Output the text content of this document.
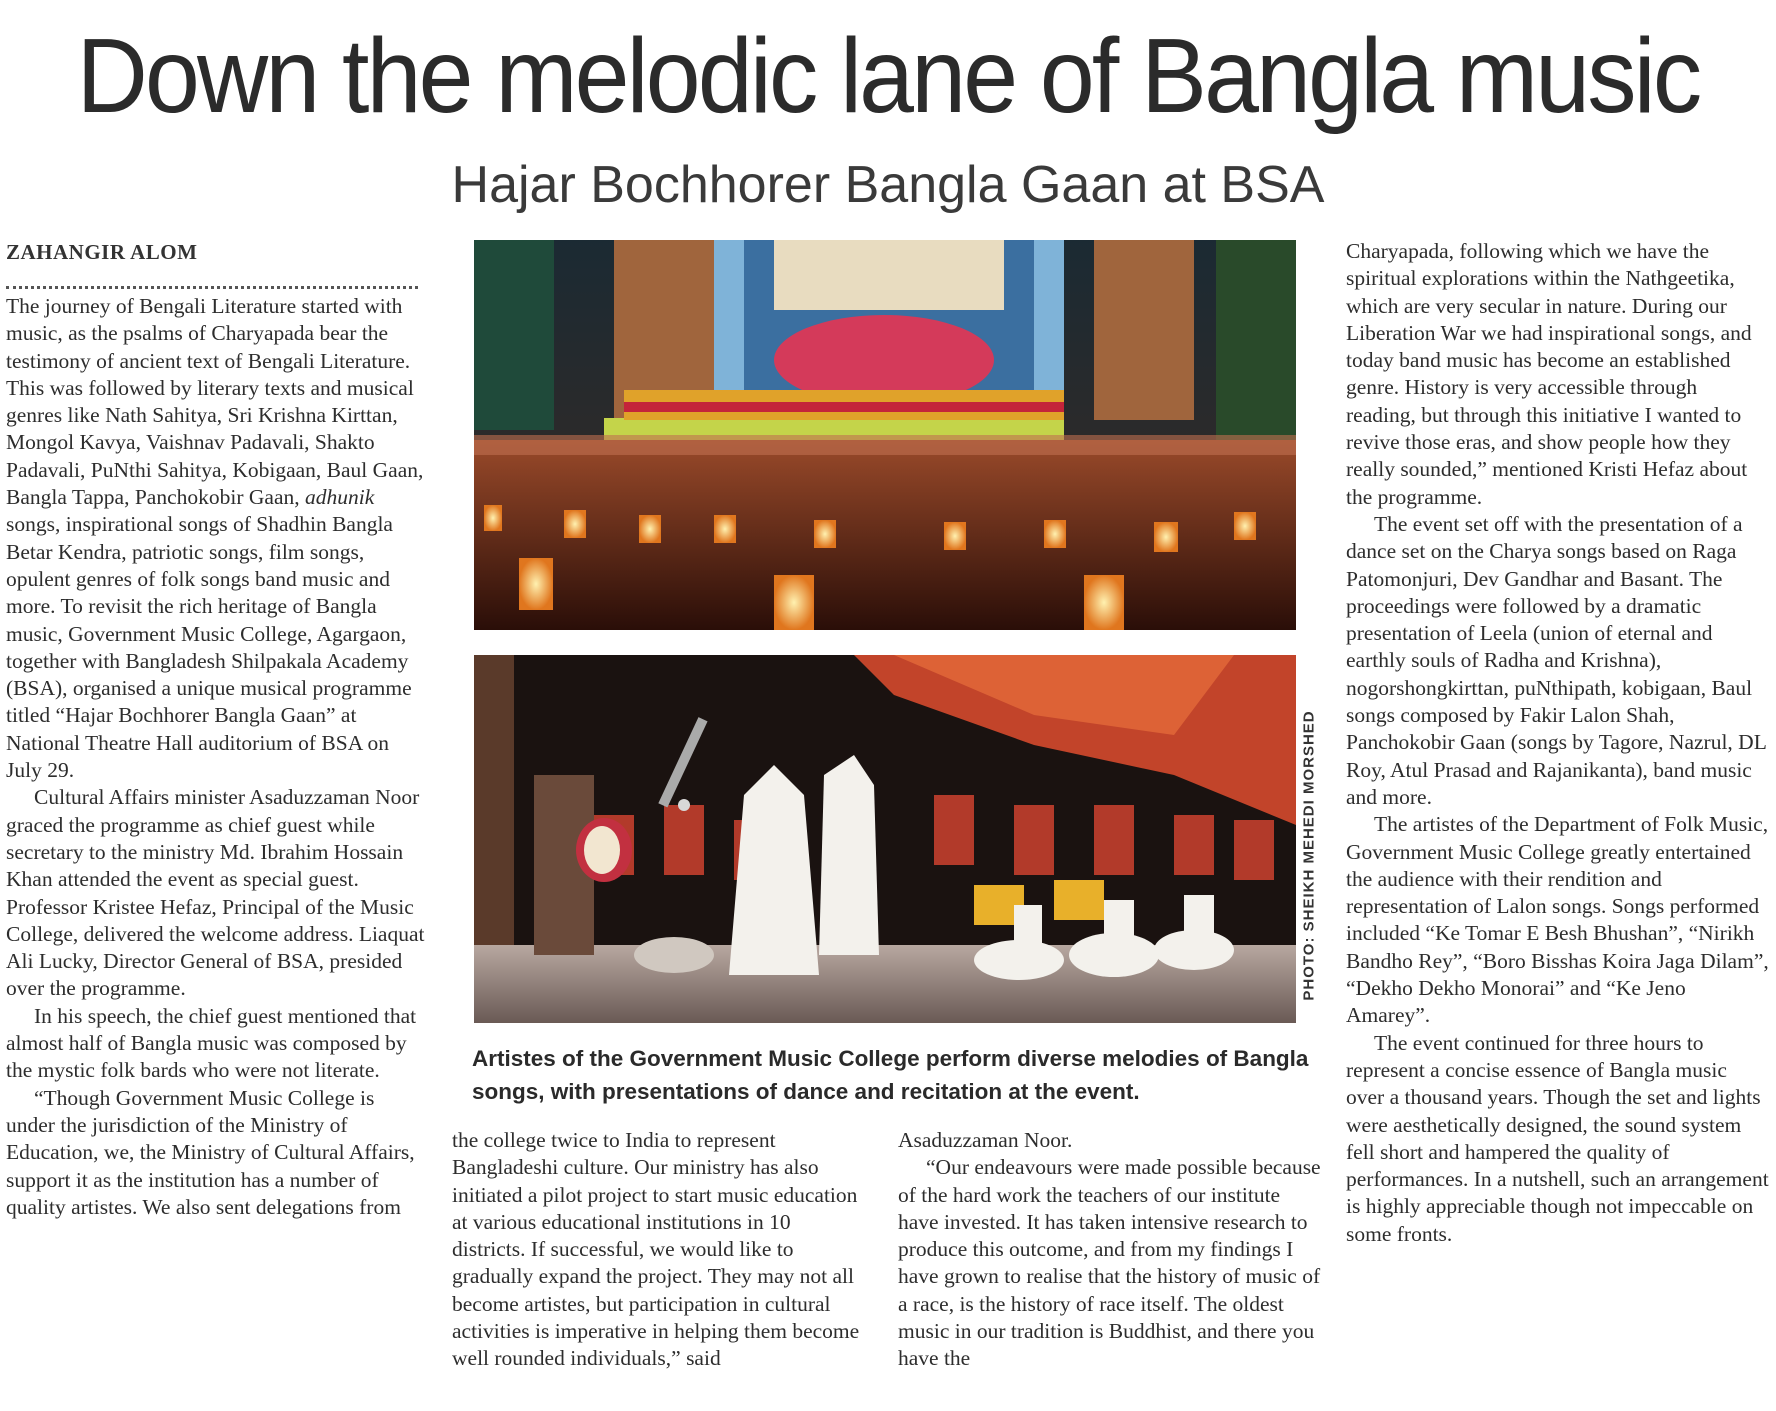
Down the melodic lane of Bangla music
Hajar Bochhorer Bangla Gaan at BSA
ZAHANGIR ALOM

The journey of Bengali Literature started with music, as the psalms of Charyapada bear the testimony of ancient text of Bengali Literature. This was followed by literary texts and musical genres like Nath Sahitya, Sri Krishna Kirttan, Mongol Kavya, Vaishnav Padavali, Shakto Padavali, PuNthi Sahitya, Kobigaan, Baul Gaan, Bangla Tappa, Panchokobir Gaan, adhunik songs, inspirational songs of Shadhin Bangla Betar Kendra, patriotic songs, film songs, opulent genres of folk songs band music and more. To revisit the rich heritage of Bangla music, Government Music College, Agargaon, together with Bangladesh Shilpakala Academy (BSA), organised a unique musical programme titled “Hajar Bochhorer Bangla Gaan” at National Theatre Hall auditorium of BSA on July 29.

Cultural Affairs minister Asaduzzaman Noor graced the programme as chief guest while secretary to the ministry Md. Ibrahim Hossain Khan attended the event as special guest. Professor Kristee Hefaz, Principal of the Music College, delivered the welcome address. Liaquat Ali Lucky, Director General of BSA, presided over the programme.

In his speech, the chief guest mentioned that almost half of Bangla music was composed by the mystic folk bards who were not literate.

“Though Government Music College is under the jurisdiction of the Ministry of Education, we, the Ministry of Cultural Affairs, support it as the institution has a number of quality artistes. We also sent delegations from

PHOTO: SHEIKH MEHEDI MORSHED
Artistes of the Government Music College perform diverse melodies of Bangla songs, with presentations of dance and recitation at the event.

the college twice to India to represent Bangladeshi culture. Our ministry has also initiated a pilot project to start music education at various educational institutions in 10 districts. If successful, we would like to gradually expand the project. They may not all become artistes, but participation in cultural activities is imperative in helping them become well rounded individuals,” said

Asaduzzaman Noor.

“Our endeavours were made possible because of the hard work the teachers of our institute have invested. It has taken intensive research to produce this outcome, and from my findings I have grown to realise that the history of music of a race, is the history of race itself. The oldest music in our tradition is Buddhist, and there you have the

Charyapada, following which we have the spiritual explorations within the Nathgeetika, which are very secular in nature. During our Liberation War we had inspirational songs, and today band music has become an established genre. History is very accessible through reading, but through this initiative I wanted to revive those eras, and show people how they really sounded,” mentioned Kristi Hefaz about the programme.

The event set off with the presentation of a dance set on the Charya songs based on Raga Patomonjuri, Dev Gandhar and Basant. The proceedings were followed by a dramatic presentation of Leela (union of eternal and earthly souls of Radha and Krishna), nogorshongkirttan, puNthipath, kobigaan, Baul songs composed by Fakir Lalon Shah, Panchokobir Gaan (songs by Tagore, Nazrul, DL Roy, Atul Prasad and Rajanikanta), band music and more.

The artistes of the Department of Folk Music, Government Music College greatly entertained the audience with their rendition and representation of Lalon songs. Songs performed included “Ke Tomar E Besh Bhushan”, “Nirikh Bandho Rey”, “Boro Bisshas Koira Jaga Dilam”, “Dekho Dekho Monorai” and “Ke Jeno Amarey”.

The event continued for three hours to represent a concise essence of Bangla music over a thousand years. Though the set and lights were aesthetically designed, the sound system fell short and hampered the quality of performances. In a nutshell, such an arrangement is highly appreciable though not impeccable on some fronts.
